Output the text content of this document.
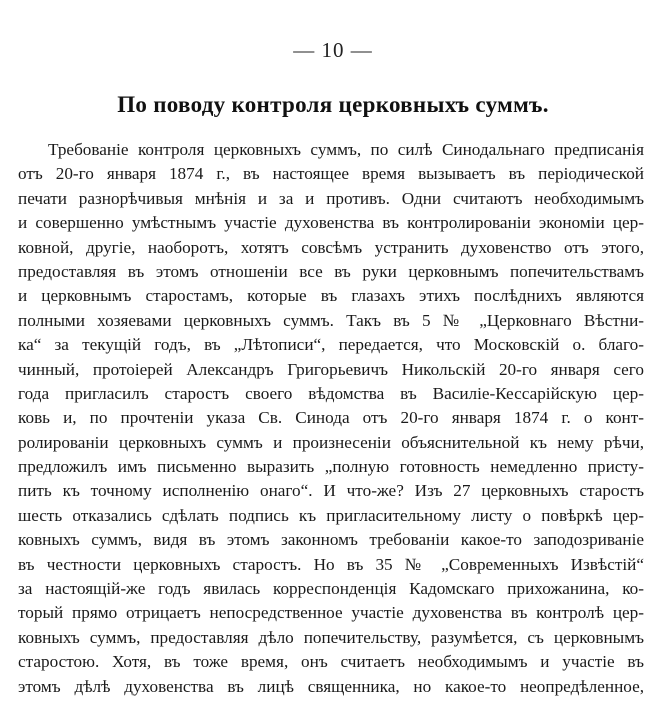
— 10 —
По поводу контроля церковныхъ суммъ.
Требованіе контроля церковныхъ суммъ, по силѣ Синодальнаго предписанія
отъ 20-го января 1874 г., въ настоящее время вызываетъ въ періодической
печати разнорѣчивыя мнѣнія и за и противъ. Одни считаютъ необходимымъ
и совершенно умѣстнымъ участіе духовенства въ контролированіи экономіи цер-
ковной, другіе, наоборотъ, хотятъ совсѣмъ устранить духовенство отъ этого,
предоставляя въ этомъ отношеніи все въ руки церковнымъ попечительствамъ
и церковнымъ старостамъ, которые въ глазахъ этихъ послѣднихъ являются
полными хозяевами церковныхъ суммъ. Такъ въ 5 № „Церковнаго Вѣстни-
ка“ за текущій годъ, въ „Лѣтописи“, передается, что Московскій о. благо-
чинный, протоіерей Александръ Григорьевичъ Никольскій 20-го января сего
года пригласилъ старостъ своего вѣдомства въ Василіе-Кессарійскую цер-
ковь и, по прочтеніи указа Св. Синода отъ 20-го января 1874 г. о конт-
ролированіи церковныхъ суммъ и произнесеніи объяснительной къ нему рѣчи,
предложилъ имъ письменно выразить „полную готовность немедленно присту-
пить къ точному исполненію онаго“. И что-же? Изъ 27 церковныхъ старостъ
шесть отказались сдѣлать подпись къ пригласительному листу о повѣркѣ цер-
ковныхъ суммъ, видя въ этомъ законномъ требованіи какое-то заподозриваніе
въ честности церковныхъ старостъ. Но въ 35 № „Современныхъ Извѣстій“
за настоящій-же годъ явилась корреспонденція Кадомскаго прихожанина, ко-
торый прямо отрицаетъ непосредственное участіе духовенства въ контролѣ цер-
ковныхъ суммъ, предоставляя дѣло попечительству, разумѣется, съ церковнымъ
старостою. Хотя, въ тоже время, онъ считаетъ необходимымъ и участіе въ
этомъ дѣлѣ духовенства въ лицѣ священника, но какое-то неопредѣленное,
